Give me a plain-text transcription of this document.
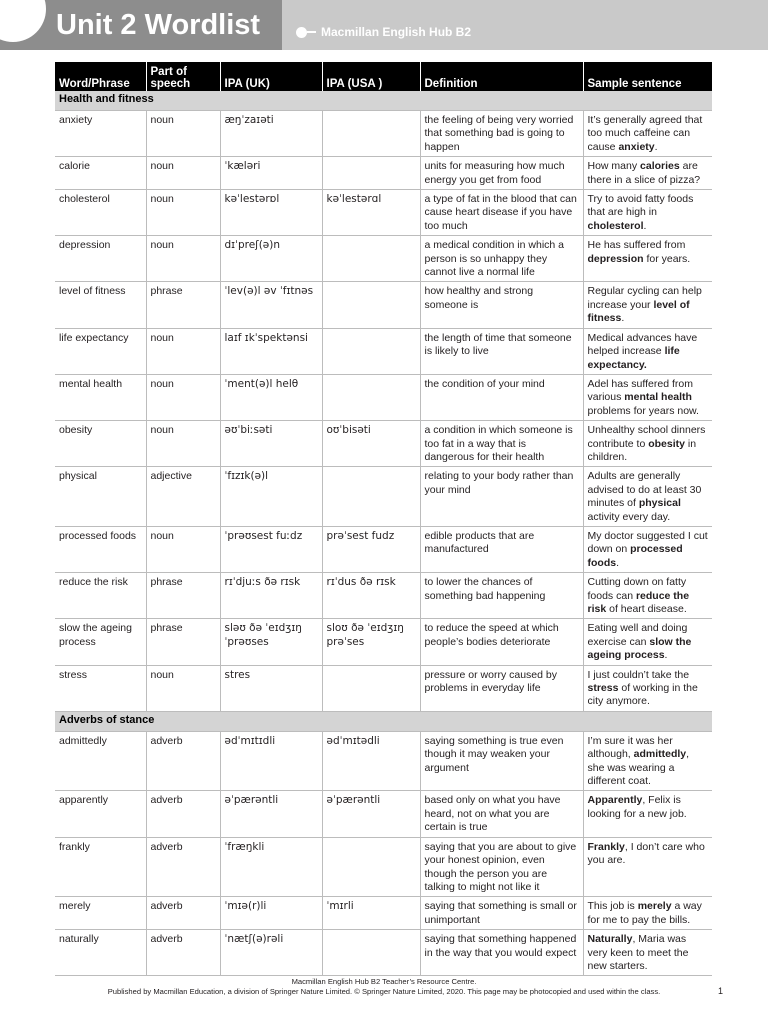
Unit 2 Wordlist	Macmillan English Hub B2
Word/Phrase	Part of speech	IPA (UK)	IPA (USA )	Definition	Sample sentence
Health and fitness					
anxiety	noun	æŋˈzaɪəti		the feeling of being very worried that something bad is going to happen	It’s generally agreed that too much caffeine can cause anxiety.
calorie	noun	ˈkæləri		units for measuring how much energy you get from food	How many calories are there in a slice of pizza?
cholesterol	noun	kəˈlestərɒl	kəˈlestərɑl	a type of fat in the blood that can cause heart disease if you have too much	Try to avoid fatty foods that are high in cholesterol.
depression	noun	dɪˈpreʃ(ə)n		a medical condition in which a person is so unhappy they cannot live a normal life	He has suffered from depression for years.
level of fitness	phrase	ˈlev(ə)l əv ˈfɪtnəs		how healthy and strong someone is	Regular cycling can help increase your level of fitness.
life expectancy	noun	laɪf ɪkˈspektənsi		the length of time that someone is likely to live	Medical advances have helped increase life expectancy.
mental health	noun	ˈment(ə)l helθ		the condition of your mind	Adel has suffered from various mental health problems for years now.
obesity	noun	əʊˈbiːsəti	oʊˈbisəti	a condition in which someone is too fat in a way that is dangerous for their health	Unhealthy school dinners contribute to obesity in children.
physical	adjective	ˈfɪzɪk(ə)l		relating to your body rather than your mind	Adults are generally advised to do at least 30 minutes of physical activity every day.
processed foods	noun	ˈprəʊsest fuːdz	prəˈsest fudz	edible products that are manufactured	My doctor suggested I cut down on processed foods.
reduce the risk	phrase	rɪˈdjuːs ðə rɪsk	rɪˈdus ðə rɪsk	to lower the chances of something bad happening	Cutting down on fatty foods can reduce the risk of heart disease.
slow the ageing process	phrase	sləʊ ðə ˈeɪdʒɪŋ ˈprəʊses	sloʊ ðə ˈeɪdʒɪŋ prəˈses	to reduce the speed at which people’s bodies deteriorate	Eating well and doing exercise can slow the ageing process.
stress	noun	stres		pressure or worry caused by problems in everyday life	I just couldn’t take the stress of working in the city anymore.
Adverbs of stance					
admittedly	adverb	ədˈmɪtɪdli	ədˈmɪtədli	saying something is true even though it may weaken your argument	I’m sure it was her although, admittedly, she was wearing a different coat.
apparently	adverb	əˈpærəntli	əˈpærəntli	based only on what you have heard, not on what you are certain is true	Apparently, Felix is looking for a new job.
frankly	adverb	ˈfræŋkli		saying that you are about to give your honest opinion, even though the person you are talking to might not like it	Frankly, I don’t care who you are.
merely	adverb	ˈmɪə(r)li	ˈmɪrli	saying that something is small or unimportant	This job is merely a way for me to pay the bills.
naturally	adverb	ˈnætʃ(ə)rəli		saying that something happened in the way that you would expect	Naturally, Maria was very keen to meet the new starters.
Macmillan English Hub B2 Teacher’s Resource Centre.
Published by Macmillan Education, a division of Springer Nature Limited. © Springer Nature Limited, 2020. This page may be photocopied and used within the class.	1
